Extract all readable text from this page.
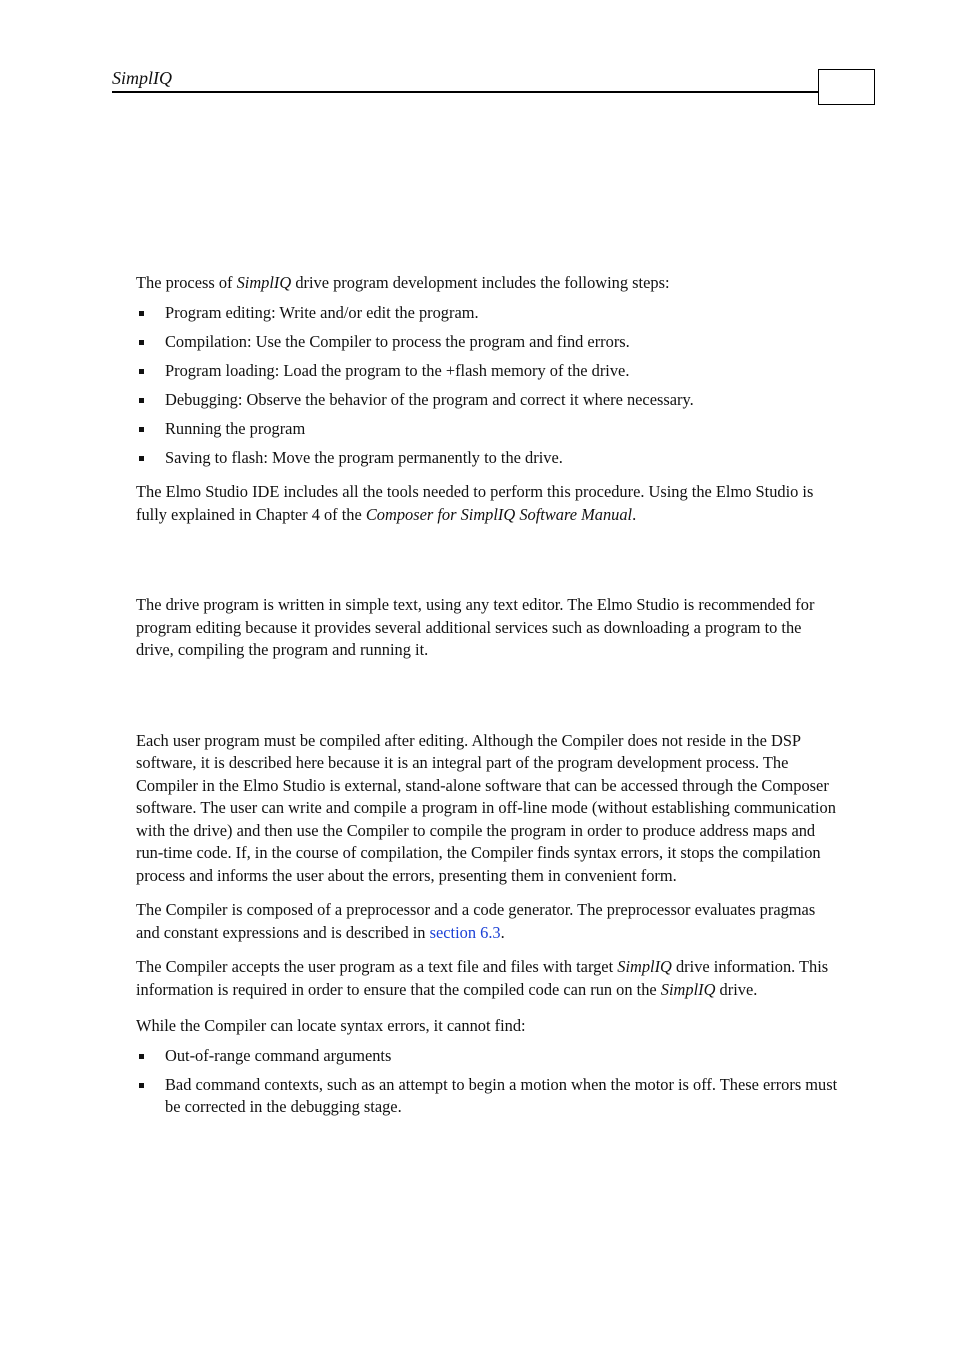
SimplIQ

The process of SimplIQ drive program development includes the following steps:

Program editing: Write and/or edit the program.
Compilation: Use the Compiler to process the program and find errors.
Program loading: Load the program to the +flash memory of the drive.
Debugging: Observe the behavior of the program and correct it where necessary.
Running the program
Saving to flash: Move the program permanently to the drive.

The Elmo Studio IDE includes all the tools needed to perform this procedure. Using the Elmo Studio is fully explained in Chapter 4 of the Composer for SimplIQ Software Manual.

The drive program is written in simple text, using any text editor. The Elmo Studio is recommended for program editing because it provides several additional services such as downloading a program to the drive, compiling the program and running it.

Each user program must be compiled after editing. Although the Compiler does not reside in the DSP software, it is described here because it is an integral part of the program development process. The Compiler in the Elmo Studio is external, stand-alone software that can be accessed through the Composer software. The user can write and compile a program in off-line mode (without establishing communication with the drive) and then use the Compiler to compile the program in order to produce address maps and run-time code. If, in the course of compilation, the Compiler finds syntax errors, it stops the compilation process and informs the user about the errors, presenting them in convenient form.

The Compiler is composed of a preprocessor and a code generator. The preprocessor evaluates pragmas and constant expressions and is described in section 6.3.

The Compiler accepts the user program as a text file and files with target SimplIQ drive information. This information is required in order to ensure that the compiled code can run on the SimplIQ drive.

While the Compiler can locate syntax errors, it cannot find:

Out-of-range command arguments
Bad command contexts, such as an attempt to begin a motion when the motor is off. These errors must be corrected in the debugging stage.
